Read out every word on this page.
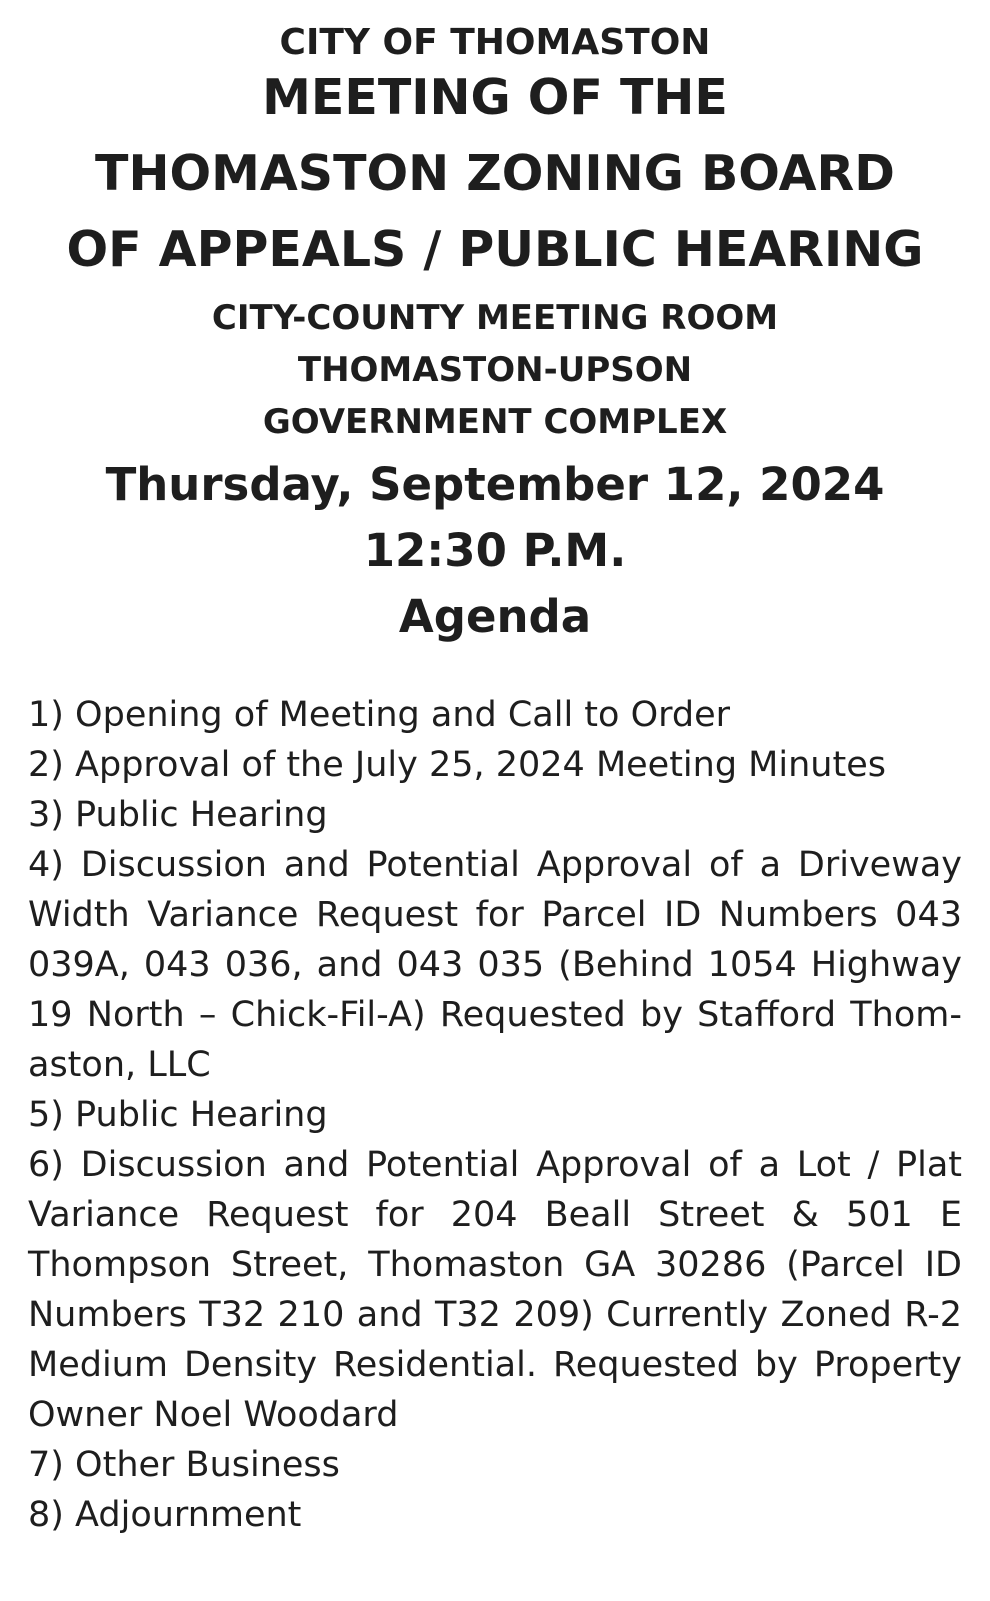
CITY OF THOMASTON
MEETING OF THE
THOMASTON ZONING BOARD
OF APPEALS / PUBLIC HEARING
CITY-COUNTY MEETING ROOM
THOMASTON-UPSON
GOVERNMENT COMPLEX
Thursday, September 12, 2024
12:30 P.M.
Agenda

1) Opening of Meeting and Call to Order

2) Approval of the July 25, 2024 Meeting Minutes

3) Public Hearing

4) Discussion and Potential Approval of a Driveway Width Variance Request for Parcel ID Numbers 043 039A, 043 036, and 043 035 (Behind 1054 Highway 19 North – Chick-Fil-A) Requested by Stafford Thomaston, LLC

5) Public Hearing

6) Discussion and Potential Approval of a Lot / Plat Variance Request for 204 Beall Street & 501 E Thompson Street, Thomaston GA 30286 (Parcel ID Numbers T32 210 and T32 209) Currently Zoned R-2 Medium Density Residential. Requested by Property Owner Noel Woodard

7) Other Business

8) Adjournment
